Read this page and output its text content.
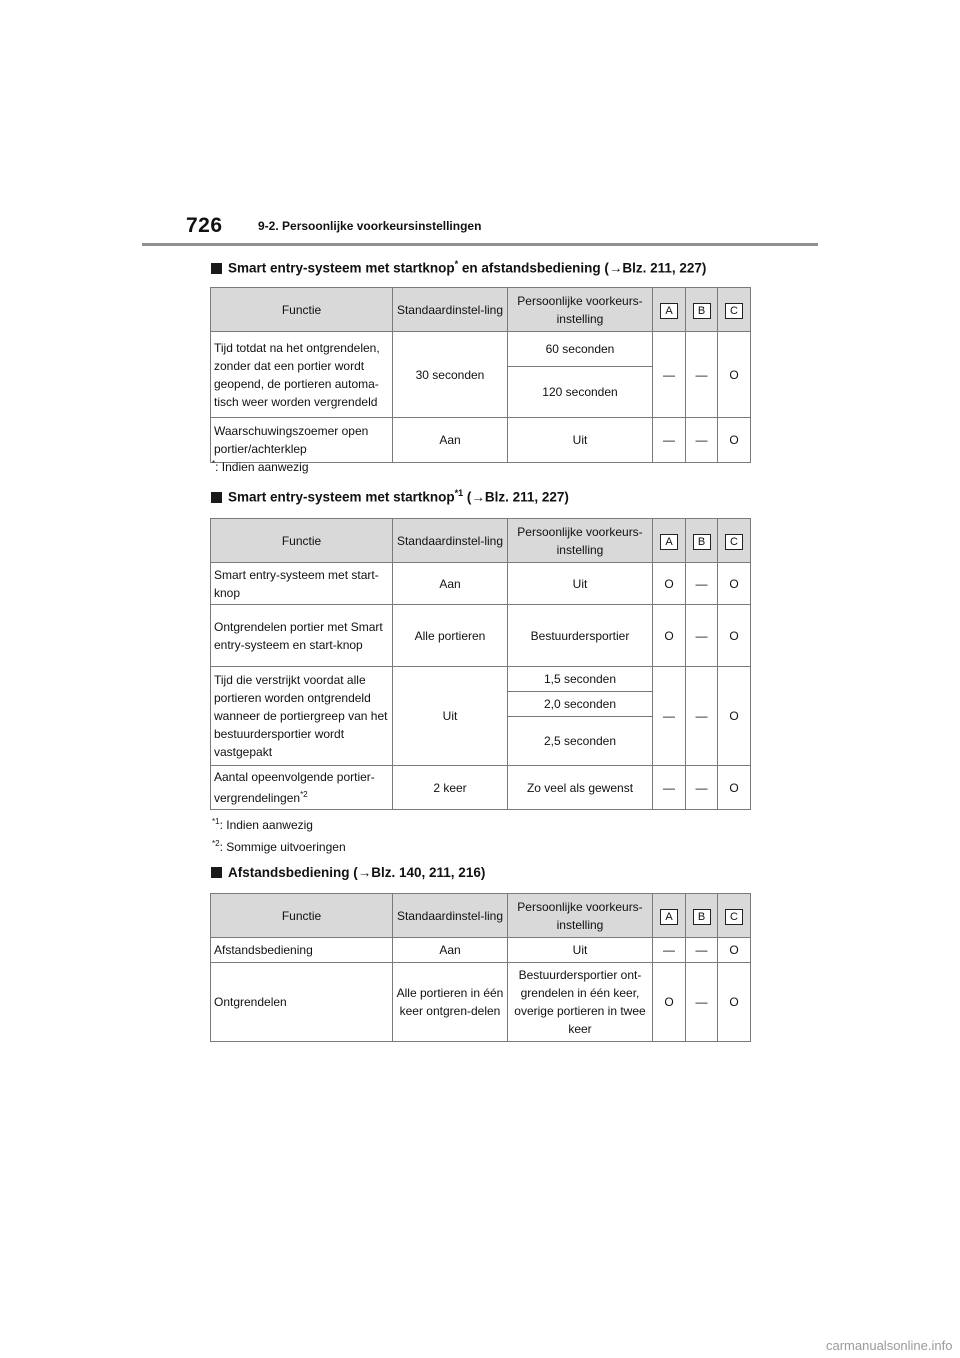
726	9-2. Persoonlijke voorkeursinstellingen
Smart entry-systeem met startknop* en afstandsbediening (→Blz. 211, 227)
Functie	Standaardinstel-ling	Persoonlijke voorkeurs-instelling	A	B	C
Tijd totdat na het ontgrendelen, zonder dat een portier wordt geopend, de portieren automa-tisch weer worden vergrendeld	30 seconden	60 seconden	—	—	O
		120 seconden			
Waarschuwingszoemer open portier/achterklep	Aan	Uit	—	—	O
*: Indien aanwezig
Smart entry-systeem met startknop$^{*1}$ (→Blz. 211, 227)
Functie	Standaardinstel-ling	Persoonlijke voorkeurs-instelling	A	B	C
Smart entry-systeem met start-knop	Aan	Uit	O	—	O
Ontgrendelen portier met Smart entry-systeem en start-knop	Alle portieren	Bestuurdersportier	O	—	O
Tijd die verstrijkt voordat alle portieren worden ontgrendeld wanneer de portiergreep van het bestuurdersportier wordt vastgepakt	Uit	1,5 seconden	—	—	O
		2,0 seconden			
		2,5 seconden			
Aantal opeenvolgende portier-vergrendelingen$^{*2}$	2 keer	Zo veel als gewenst	—	—	O
$^{*1}$: Indien aanwezig
$^{*2}$: Sommige uitvoeringen
Afstandsbediening (→Blz. 140, 211, 216)
Functie	Standaardinstel-ling	Persoonlijke voorkeurs-instelling	A	B	C
Afstandsbediening	Aan	Uit	—	—	O
Ontgrendelen	Alle portieren in één keer ontgren-delen	Bestuurdersportier ont-grendelen in één keer, overige portieren in twee keer	O	—	O
carmanualsonline.info
